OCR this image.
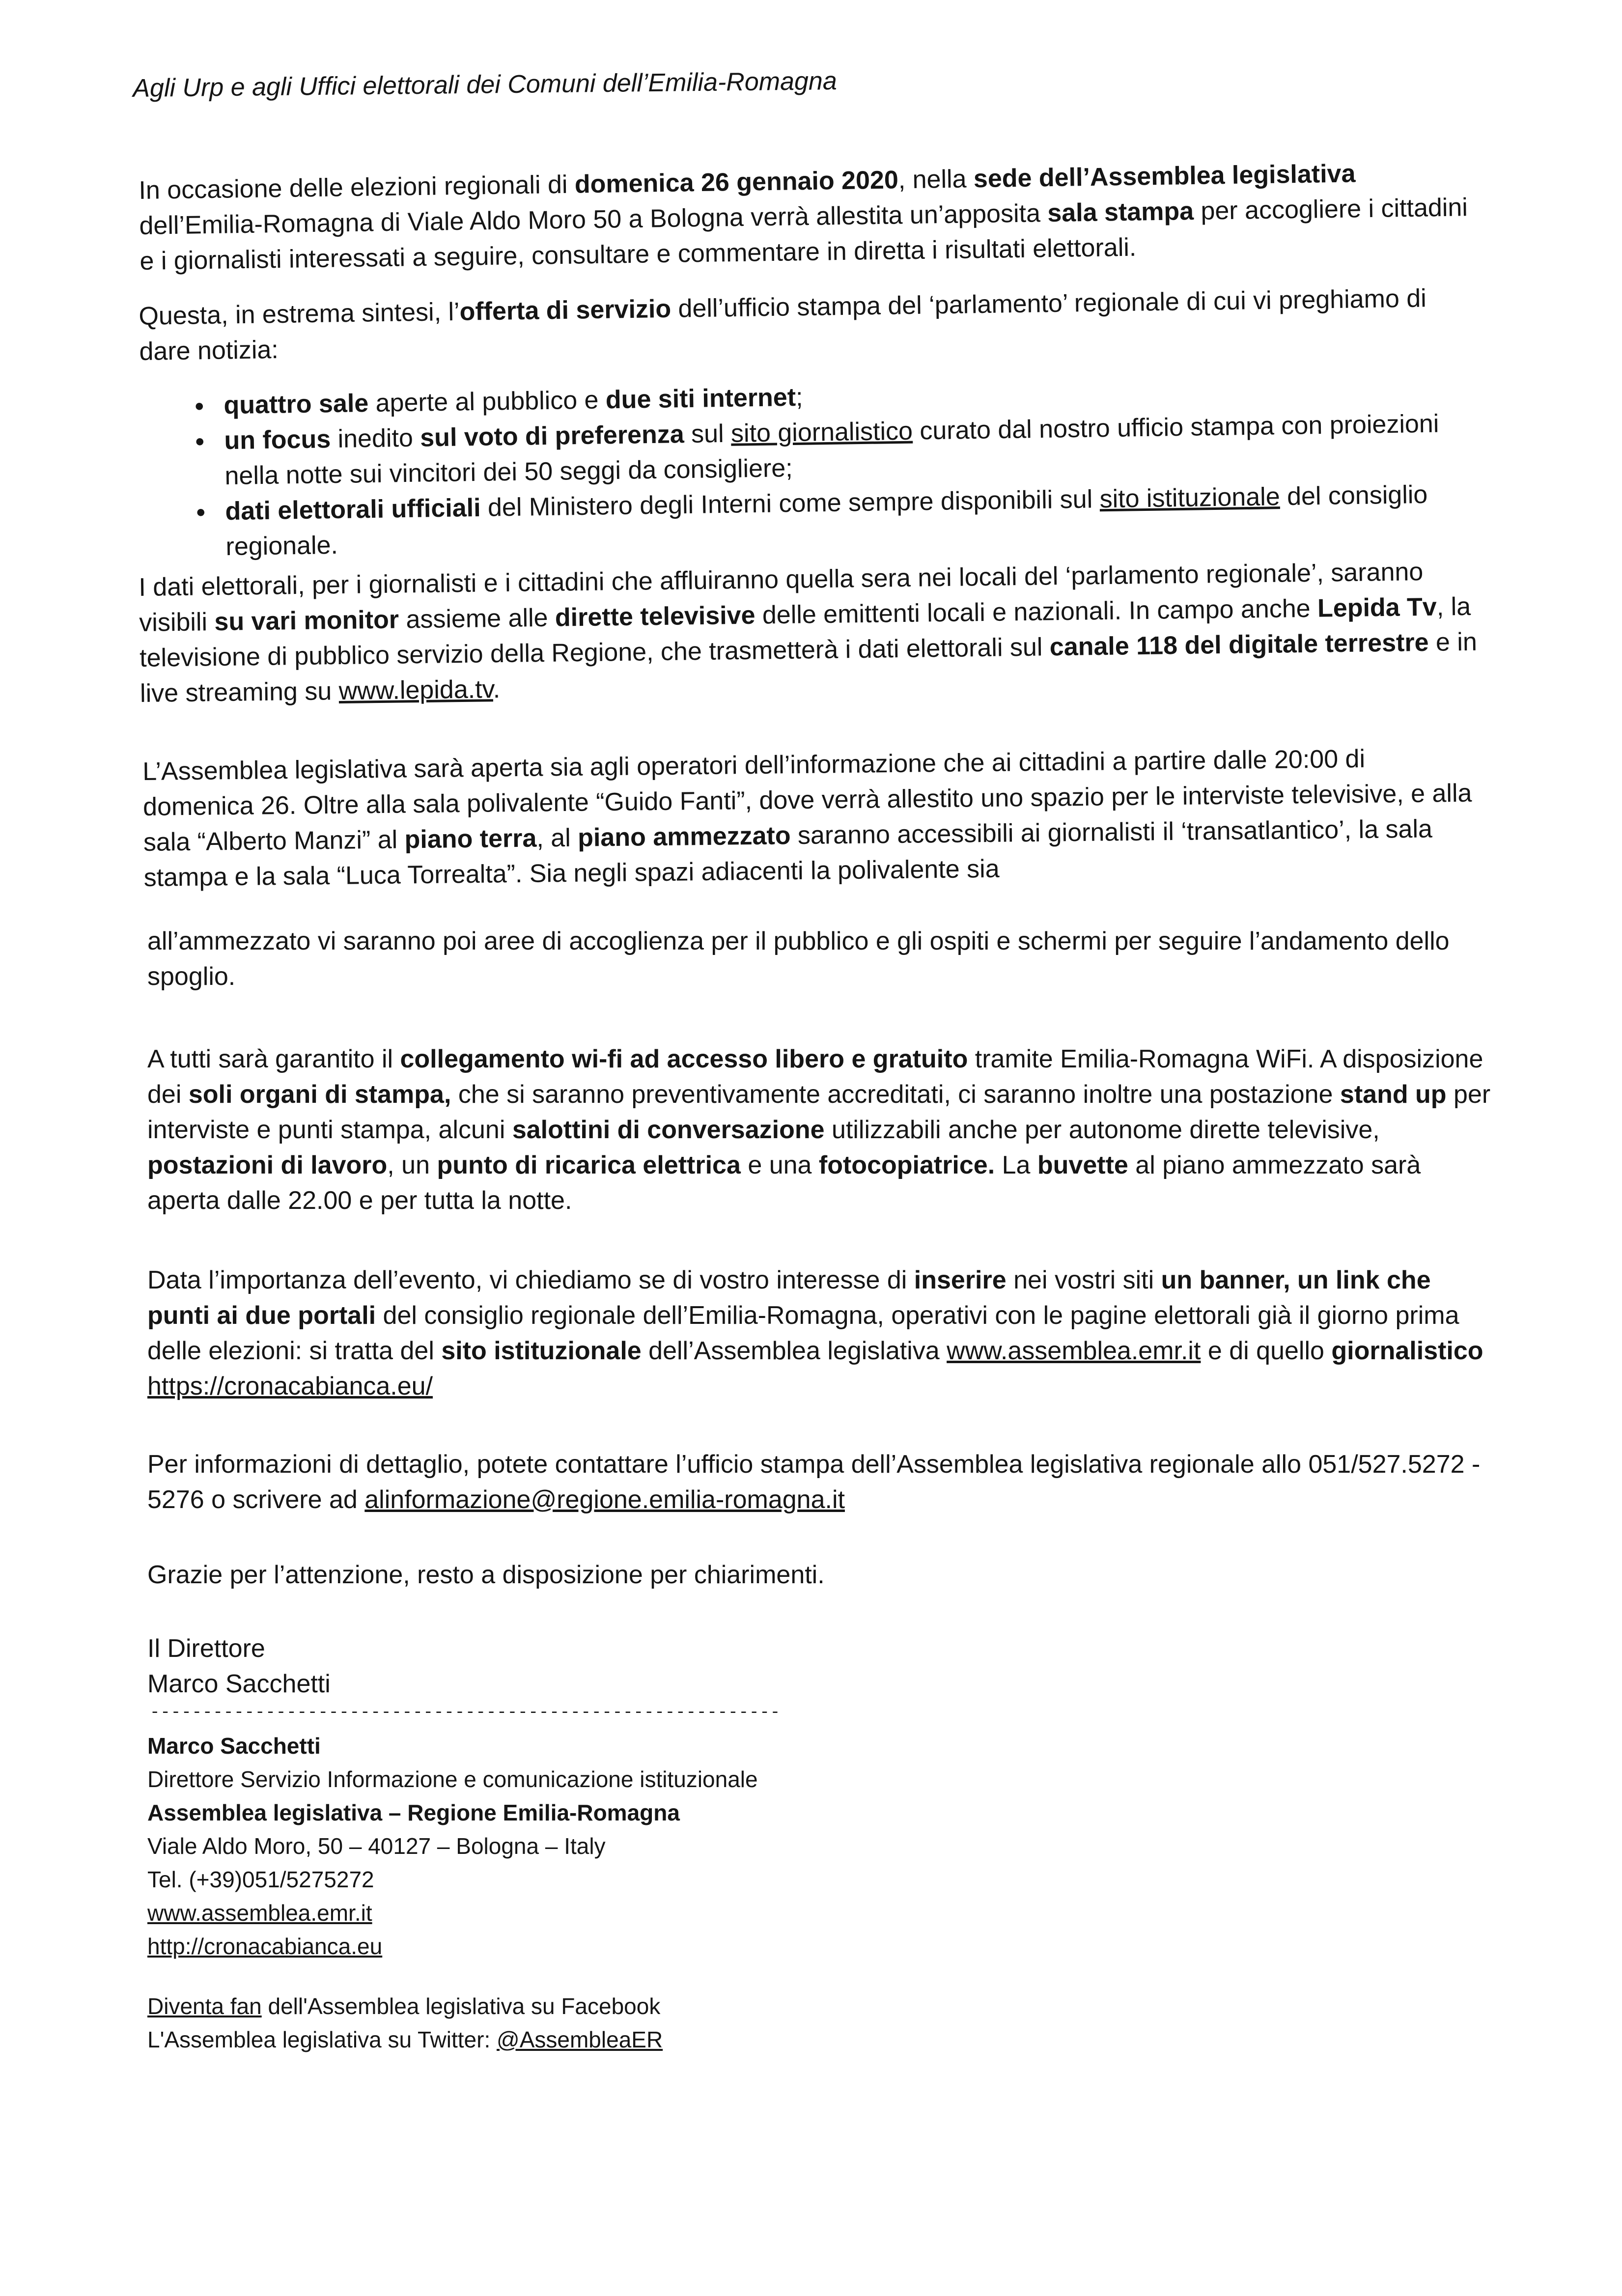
Agli Urp e agli Uffici elettorali dei Comuni dell’Emilia-Romagna
In occasione delle elezioni regionali di domenica 26 gennaio 2020, nella sede dell’Assemblea legislativa dell’Emilia-Romagna di Viale Aldo Moro 50 a Bologna verrà allestita un’apposita sala stampa per accogliere i cittadini e i giornalisti interessati a seguire, consultare e commentare in diretta i risultati elettorali.
Questa, in estrema sintesi, l’offerta di servizio dell’ufficio stampa del ‘parlamento’ regionale di cui vi preghiamo di dare notizia:
● quattro sale aperte al pubblico e due siti internet;
● un focus inedito sul voto di preferenza sul sito giornalistico curato dal nostro ufficio stampa con proiezioni nella notte sui vincitori dei 50 seggi da consigliere;
● dati elettorali ufficiali del Ministero degli Interni come sempre disponibili sul sito istituzionale del consiglio regionale.
I dati elettorali, per i giornalisti e i cittadini che affluiranno quella sera nei locali del ‘parlamento regionale’, saranno visibili su vari monitor assieme alle dirette televisive delle emittenti locali e nazionali. In campo anche Lepida Tv, la televisione di pubblico servizio della Regione, che trasmetterà i dati elettorali sul canale 118 del digitale terrestre e in live streaming su www.lepida.tv.
L’Assemblea legislativa sarà aperta sia agli operatori dell’informazione che ai cittadini a partire dalle 20:00 di domenica 26. Oltre alla sala polivalente “Guido Fanti”, dove verrà allestito uno spazio per le interviste televisive, e alla sala “Alberto Manzi” al piano terra, al piano ammezzato saranno accessibili ai giornalisti il ‘transatlantico’, la sala stampa e la sala “Luca Torrealta”. Sia negli spazi adiacenti la polivalente sia
all’ammezzato vi saranno poi aree di accoglienza per il pubblico e gli ospiti e schermi per seguire l’andamento dello spoglio.
A tutti sarà garantito il collegamento wi-fi ad accesso libero e gratuito tramite Emilia-Romagna WiFi. A disposizione dei soli organi di stampa, che si saranno preventivamente accreditati, ci saranno inoltre una postazione stand up per interviste e punti stampa, alcuni salottini di conversazione utilizzabili anche per autonome dirette televisive, postazioni di lavoro, un punto di ricarica elettrica e una fotocopiatrice. La buvette al piano ammezzato sarà aperta dalle 22.00 e per tutta la notte.
Data l’importanza dell’evento, vi chiediamo se di vostro interesse di inserire nei vostri siti un banner, un link che punti ai due portali del consiglio regionale dell’Emilia-Romagna, operativi con le pagine elettorali già il giorno prima delle elezioni: si tratta del sito istituzionale dell’Assemblea legislativa www.assemblea.emr.it e di quello giornalistico https://cronacabianca.eu/
Per informazioni di dettaglio, potete contattare l’ufficio stampa dell’Assemblea legislativa regionale allo 051/527.5272 - 5276 o scrivere ad alinformazione@regione.emilia-romagna.it
Grazie per l’attenzione, resto a disposizione per chiarimenti.
Il Direttore
Marco Sacchetti
------------------------------------------------------------
Marco Sacchetti
Direttore Servizio Informazione e comunicazione istituzionale
Assemblea legislativa – Regione Emilia-Romagna
Viale Aldo Moro, 50 – 40127 – Bologna – Italy
Tel. (+39)051/5275272
www.assemblea.emr.it
http://cronacabianca.eu
Diventa fan dell'Assemblea legislativa su Facebook
L'Assemblea legislativa su Twitter: @AssembleaER
